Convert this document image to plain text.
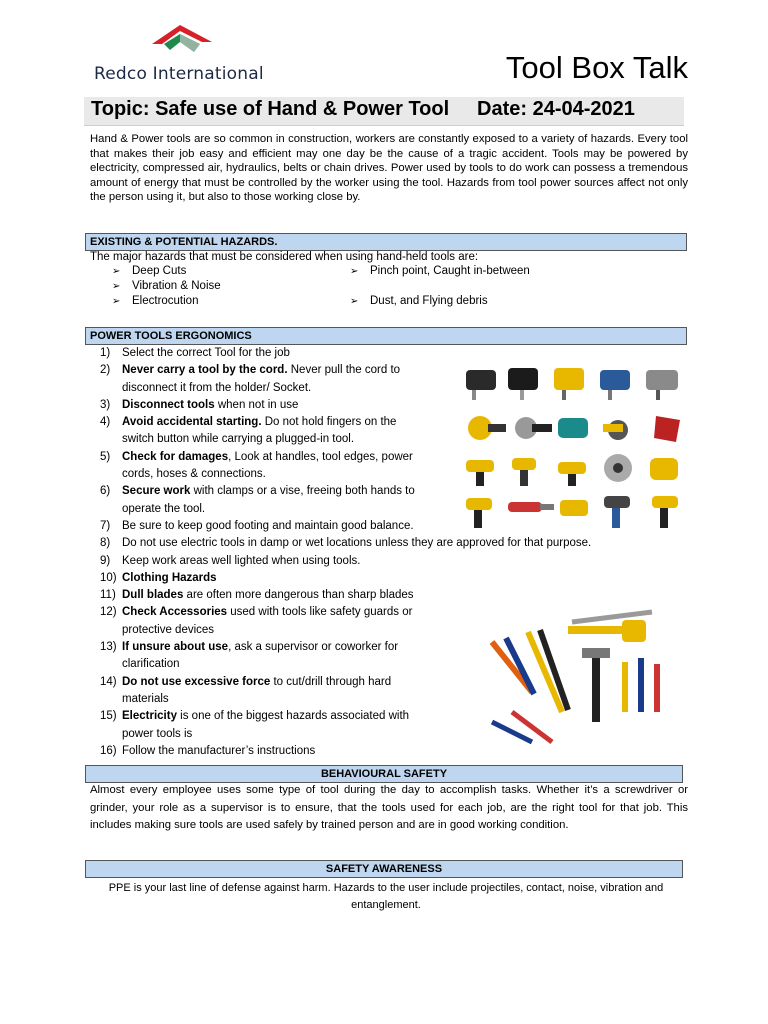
Redco International	Tool Box Talk
Topic: Safe use of Hand & Power Tool Date: 24-04-2021

Hand & Power tools are so common in construction, workers are constantly exposed to a variety of hazards. Every tool that makes their job easy and efficient may one day be the cause of a tragic accident. Tools may be powered by electricity, compressed air, hydraulics, belts or chain drives. Power used by tools to do work can possess a tremendous amount of energy that must be controlled by the worker using the tool. Hazards from tool power sources affect not only the person using it, but also to those working close by.

EXISTING & POTENTIAL HAZARDS.
The major hazards that must be considered when using hand-held tools are:
➢ Deep Cuts	➢ Pinch point, Caught in-between
➢ Vibration & Noise
➢ Electrocution	➢ Dust, and Flying debris
POWER TOOLS ERGONOMICS
1)	Select the correct Tool for the job
2)	Never carry a tool by the cord. Never pull the cord to
disconnect it from the holder/ Socket.
3)	Disconnect tools when not in use
4)	Avoid accidental starting. Do not hold fingers on the
switch button while carrying a plugged-in tool.
5)	Check for damages, Look at handles, tool edges, power
cords, hoses & connections.
6)	Secure work with clamps or a vise, freeing both hands to
operate the tool.
7)	Be sure to keep good footing and maintain good balance.
8)	Do not use electric tools in damp or wet locations unless they are approved for that purpose.
9)	Keep work areas well lighted when using tools.
10) Clothing Hazards
11) Dull blades are often more dangerous than sharp blades
12) Check Accessories used with tools like safety guards or
protective devices
13) If unsure about use, ask a supervisor or coworker for
clarification
14) Do not use excessive force to cut/drill through hard
materials
15) Electricity is one of the biggest hazards associated with
power tools is
16) Follow the manufacturer’s instructions
BEHAVIOURAL SAFETY

Almost every employee uses some type of tool during the day to accomplish tasks. Whether it’s a screwdriver or grinder, your role as a supervisor is to ensure, that the tools used for each job, are the right tool for that job. This includes making sure tools are used safely by trained person and are in good working condition.

SAFETY AWARENESS

PPE is your last line of defense against harm. Hazards to the user include projectiles, contact, noise, vibration and entanglement.
